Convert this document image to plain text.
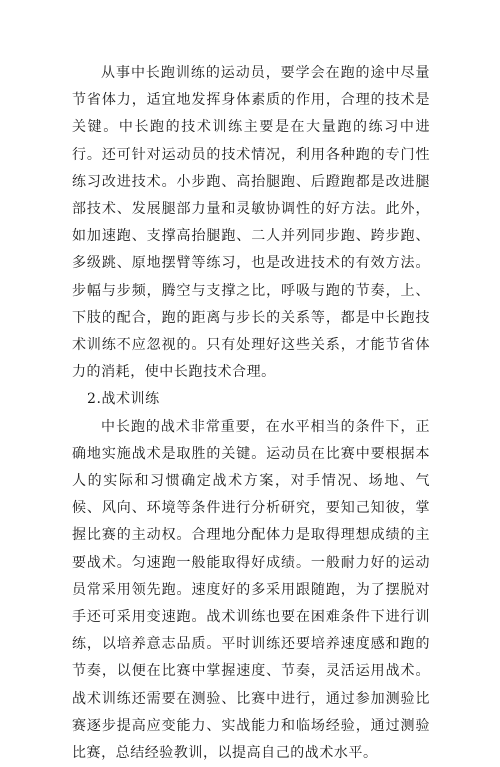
从事中长跑训练的运动员，要学会在跑的途中尽量节省体力，适宜地发挥身体素质的作用，合理的技术是关键。中长跑的技术训练主要是在大量跑的练习中进行。还可针对运动员的技术情况，利用各种跑的专门性练习改进技术。小步跑、高抬腿跑、后蹬跑都是改进腿部技术、发展腿部力量和灵敏协调性的好方法。此外，如加速跑、支撑高抬腿跑、二人并列同步跑、跨步跑、多级跳、原地摆臂等练习，也是改进技术的有效方法。步幅与步频，腾空与支撑之比，呼吸与跑的节奏，上、下肢的配合，跑的距离与步长的关系等，都是中长跑技术训练不应忽视的。只有处理好这些关系，才能节省体力的消耗，使中长跑技术合理。

2.战术训练

中长跑的战术非常重要，在水平相当的条件下，正确地实施战术是取胜的关键。运动员在比赛中要根据本人的实际和习惯确定战术方案，对手情况、场地、气候、风向、环境等条件进行分析研究，要知己知彼，掌握比赛的主动权。合理地分配体力是取得理想成绩的主要战术。匀速跑一般能取得好成绩。一般耐力好的运动员常采用领先跑。速度好的多采用跟随跑，为了摆脱对手还可采用变速跑。战术训练也要在困难条件下进行训练，以培养意志品质。平时训练还要培养速度感和跑的节奏，以便在比赛中掌握速度、节奏，灵活运用战术。战术训练还需要在测验、比赛中进行，通过参加测验比赛逐步提高应变能力、实战能力和临场经验，通过测验比赛，总结经验教训，以提高自己的战术水平。
